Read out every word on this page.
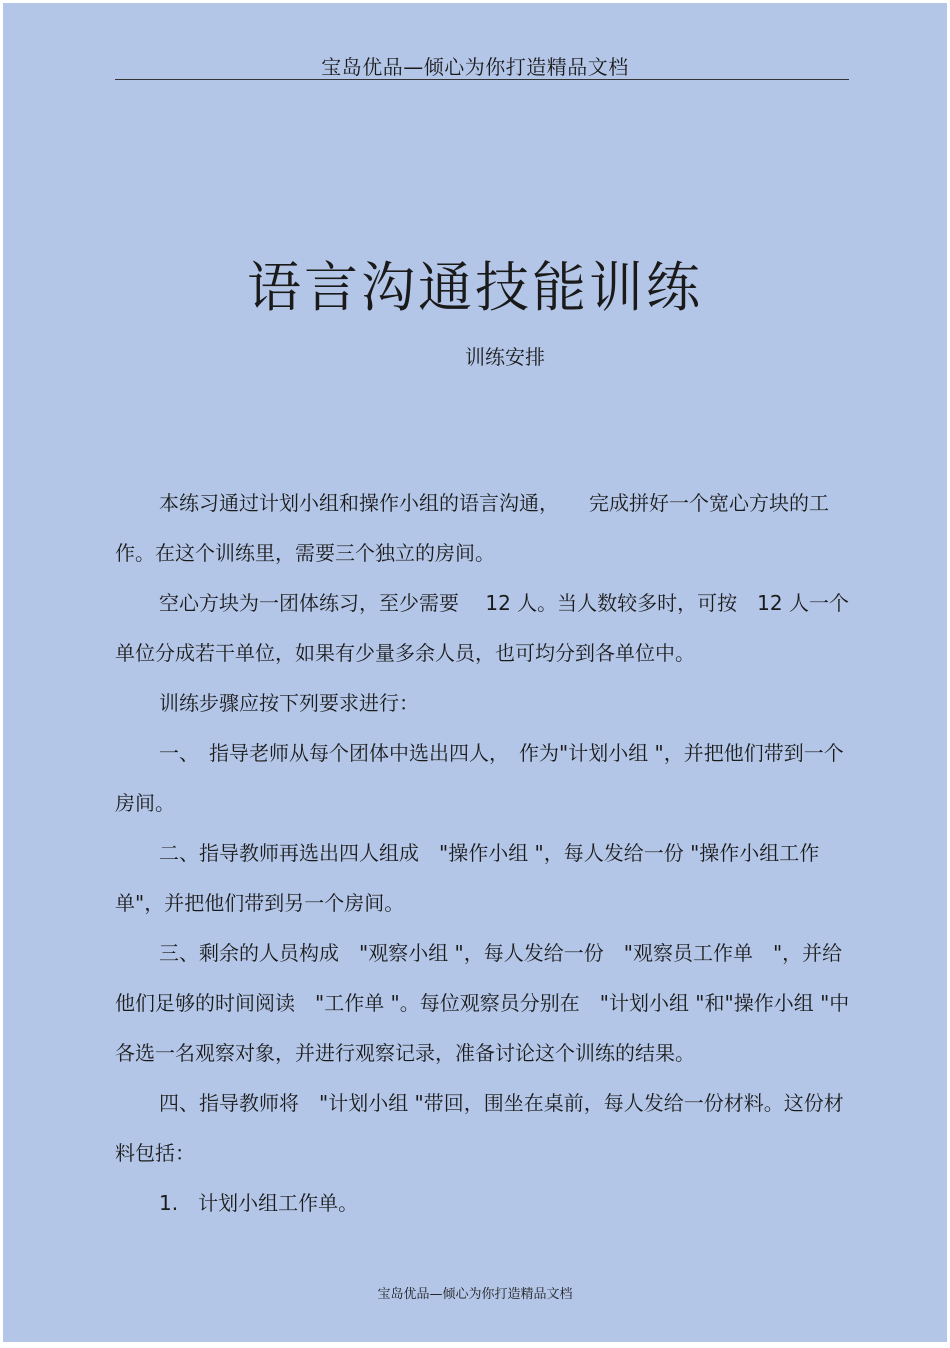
宝岛优品—倾心为你打造精品文档
语言沟通技能训练
训练安排

本练习通过计划小组和操作小组的语言沟通，　　完成拼好一个宽心方块的工作。在这个训练里，需要三个独立的房间。

空心方块为一团体练习，至少需要　 12 人。当人数较多时，可按　12 人一个单位分成若干单位，如果有少量多余人员，也可均分到各单位中。

训练步骤应按下列要求进行：

一、　指导老师从每个团体中选出四人，　作为"计划小组 "，并把他们带到一个房间。

二、指导教师再选出四人组成　"操作小组 "，每人发给一份 "操作小组工作单"，并把他们带到另一个房间。

三、剩余的人员构成　"观察小组 "，每人发给一份　"观察员工作单　"，并给他们足够的时间阅读　"工作单 "。每位观察员分别在　"计划小组 "和"操作小组 "中各选一名观察对象，并进行观察记录，准备讨论这个训练的结果。

四、指导教师将　"计划小组 "带回，围坐在桌前，每人发给一份材料。这份材料包括：

1.　计划小组工作单。

宝岛优品—倾心为你打造精品文档
